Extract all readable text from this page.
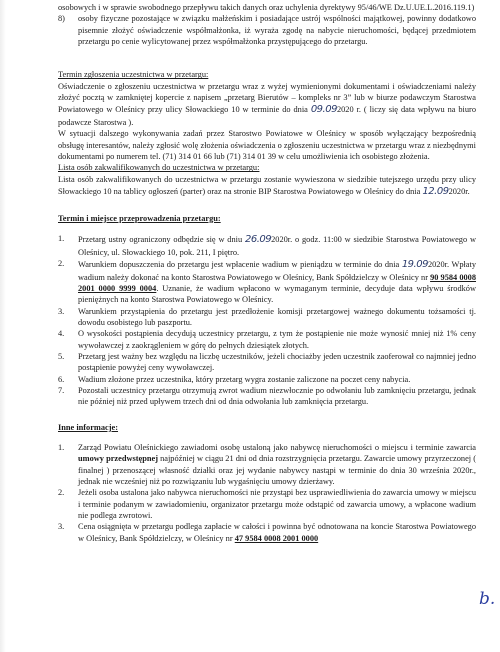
osobowych i w sprawie swobodnego przepływu takich danych oraz uchylenia dyrektywy 95/46/WE Dz.U.UE.L.2016.119.1)

8) osoby fizyczne pozostające w związku małżeńskim i posiadające ustrój wspólności majątkowej, powinny dodatkowo pisemnie złożyć oświadczenie współmałżonka, iż wyraża zgodę na nabycie nieruchomości, będącej przedmiotem przetargu po cenie wylicytowanej przez współmałżonka przystępującego do przetargu.

Termin zgłoszenia uczestnictwa w przetargu:

Oświadczenie o zgłoszeniu uczestnictwa w przetargu wraz z wyżej wymienionymi dokumentami i oświadczeniami należy złożyć pocztą w zamkniętej kopercie z napisem „przetarg Bierutów – kompleks nr 3” lub w biurze podawczym Starostwa Powiatowego w Oleśnicy przy ulicy Słowackiego 10 w terminie do dnia 09.092020 r. ( liczy się data wpływu na biuro podawcze Starostwa ).

W sytuacji dalszego wykonywania zadań przez Starostwo Powiatowe w Oleśnicy w sposób wyłączający bezpośrednią obsługę interesantów, należy zgłosić wolę złożenia oświadczenia o zgłoszeniu uczestnictwa w przetargu wraz z niezbędnymi dokumentami po numerem tel. (71) 314 01 66 lub (71) 314 01 39 w celu umożliwienia ich osobistego złożenia.

Lista osób zakwalifikowanych do uczestnictwa w przetargu:

Lista osób zakwalifikowanych do uczestnictwa w przetargu zostanie wywieszona w siedzibie tutejszego urzędu przy ulicy Słowackiego 10 na tablicy ogłoszeń (parter) oraz na stronie BIP Starostwa Powiatowego w Oleśnicy do dnia 12.092020r.

Termin i miejsce przeprowadzenia przetargu:

1. Przetarg ustny ograniczony odbędzie się w dniu 26.092020r. o godz. 11:00 w siedzibie Starostwa Powiatowego w Oleśnicy, ul. Słowackiego 10, pok. 211, I piętro.
2. Warunkiem dopuszczenia do przetargu jest wpłacenie wadium w pieniądzu w terminie do dnia 19.092020r. Wpłaty wadium należy dokonać na konto Starostwa Powiatowego w Oleśnicy, Bank Spółdzielczy w Oleśnicy nr 90 9584 0008 2001 0000 9999 0004. Uznanie, że wadium wpłacono w wymaganym terminie, decyduje data wpływu środków pieniężnych na konto Starostwa Powiatowego w Oleśnicy.
3. Warunkiem przystąpienia do przetargu jest przedłożenie komisji przetargowej ważnego dokumentu tożsamości tj. dowodu osobistego lub paszportu.
4. O wysokości postąpienia decydują uczestnicy przetargu, z tym że postąpienie nie może wynosić mniej niż 1% ceny wywoławczej z zaokrągleniem w górę do pełnych dziesiątek złotych.
5. Przetarg jest ważny bez względu na liczbę uczestników, jeżeli chociażby jeden uczestnik zaoferował co najmniej jedno postąpienie powyżej ceny wywoławczej.
6. Wadium złożone przez uczestnika, który przetarg wygra zostanie zaliczone na poczet ceny nabycia.
7. Pozostali uczestnicy przetargu otrzymują zwrot wadium niezwłocznie po odwołaniu lub zamknięciu przetargu, jednak nie później niż przed upływem trzech dni od dnia odwołania lub zamknięcia przetargu.

Inne informacje:

1. Zarząd Powiatu Oleśnickiego zawiadomi osobę ustaloną jako nabywcę nieruchomości o miejscu i terminie zawarcia umowy przedwstępnej najpóźniej w ciągu 21 dni od dnia rozstrzygnięcia przetargu. Zawarcie umowy przyrzeczonej ( finalnej ) przenoszącej własność działki oraz jej wydanie nabywcy nastąpi w terminie do dnia 30 września 2020r., jednak nie wcześniej niż po rozwiązaniu lub wygaśnięciu umowy dzierżawy.
2. Jeżeli osoba ustalona jako nabywca nieruchomości nie przystąpi bez usprawiedliwienia do zawarcia umowy w miejscu i terminie podanym w zawiadomieniu, organizator przetargu może odstąpić od zawarcia umowy, a wpłacone wadium nie podlega zwrotowi.
3. Cena osiągnięta w przetargu podlega zapłacie w całości i powinna być odnotowana na koncie Starostwa Powiatowego w Oleśnicy, Bank Spółdzielczy, w Oleśnicy nr 47 9584 0008 2001 0000
b.
